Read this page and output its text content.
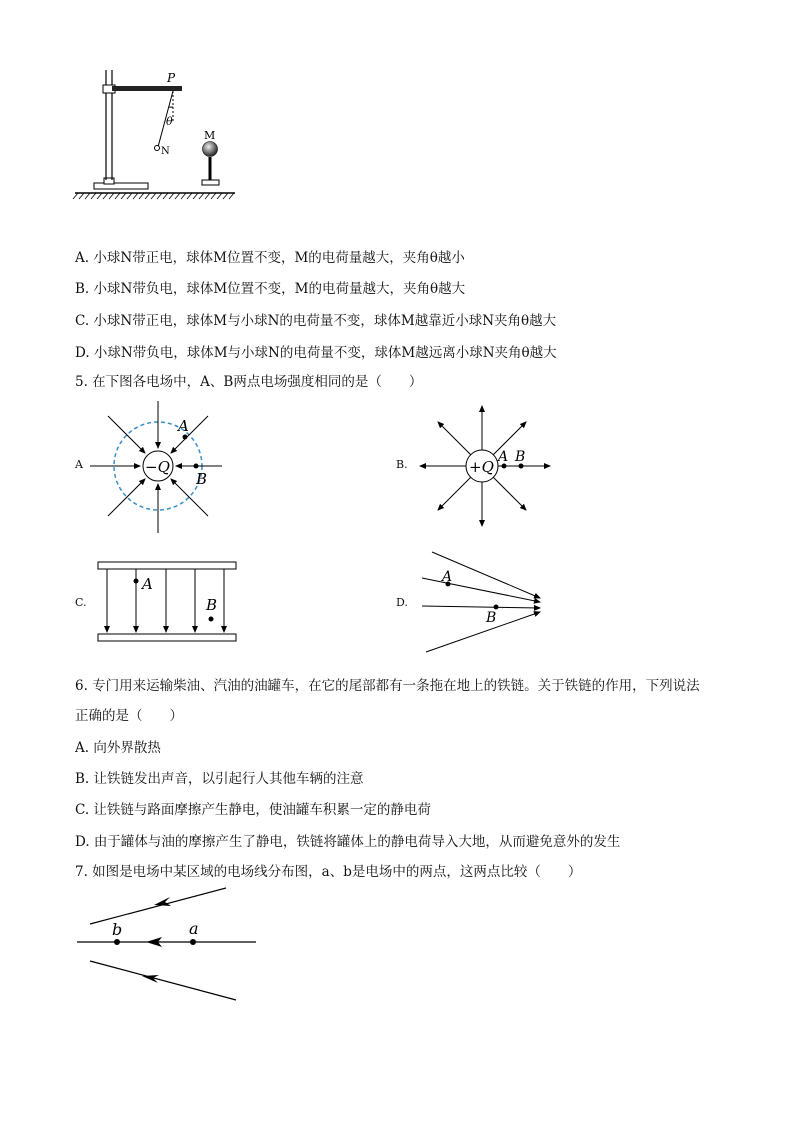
P
θ
N
M
A. 小球N带正电，球体M位置不变，M的电荷量越大，夹角θ越小
B. 小球N带负电，球体M位置不变，M的电荷量越大，夹角θ越大
C. 小球N带正电，球体M与小球N的电荷量不变，球体M越靠近小球N夹角θ越大
D. 小球N带负电，球体M与小球N的电荷量不变，球体M越远离小球N夹角θ越大
5. 在下图各电场中，A、B两点电场强度相同的是（　　）
A	−Q
A
B
B.	+Q
A B
C.
A
B	D.
A
B
6. 专门用来运输柴油、汽油的油罐车，在它的尾部都有一条拖在地上的铁链。关于铁链的作用，下列说法
正确的是（　　）
A. 向外界散热
B. 让铁链发出声音，以引起行人其他车辆的注意
C. 让铁链与路面摩擦产生静电，使油罐车积累一定的静电荷
D. 由于罐体与油的摩擦产生了静电，铁链将罐体上的静电荷导入大地，从而避免意外的发生
7. 如图是电场中某区域的电场线分布图，a、b是电场中的两点，这两点比较（　　）
b	a
